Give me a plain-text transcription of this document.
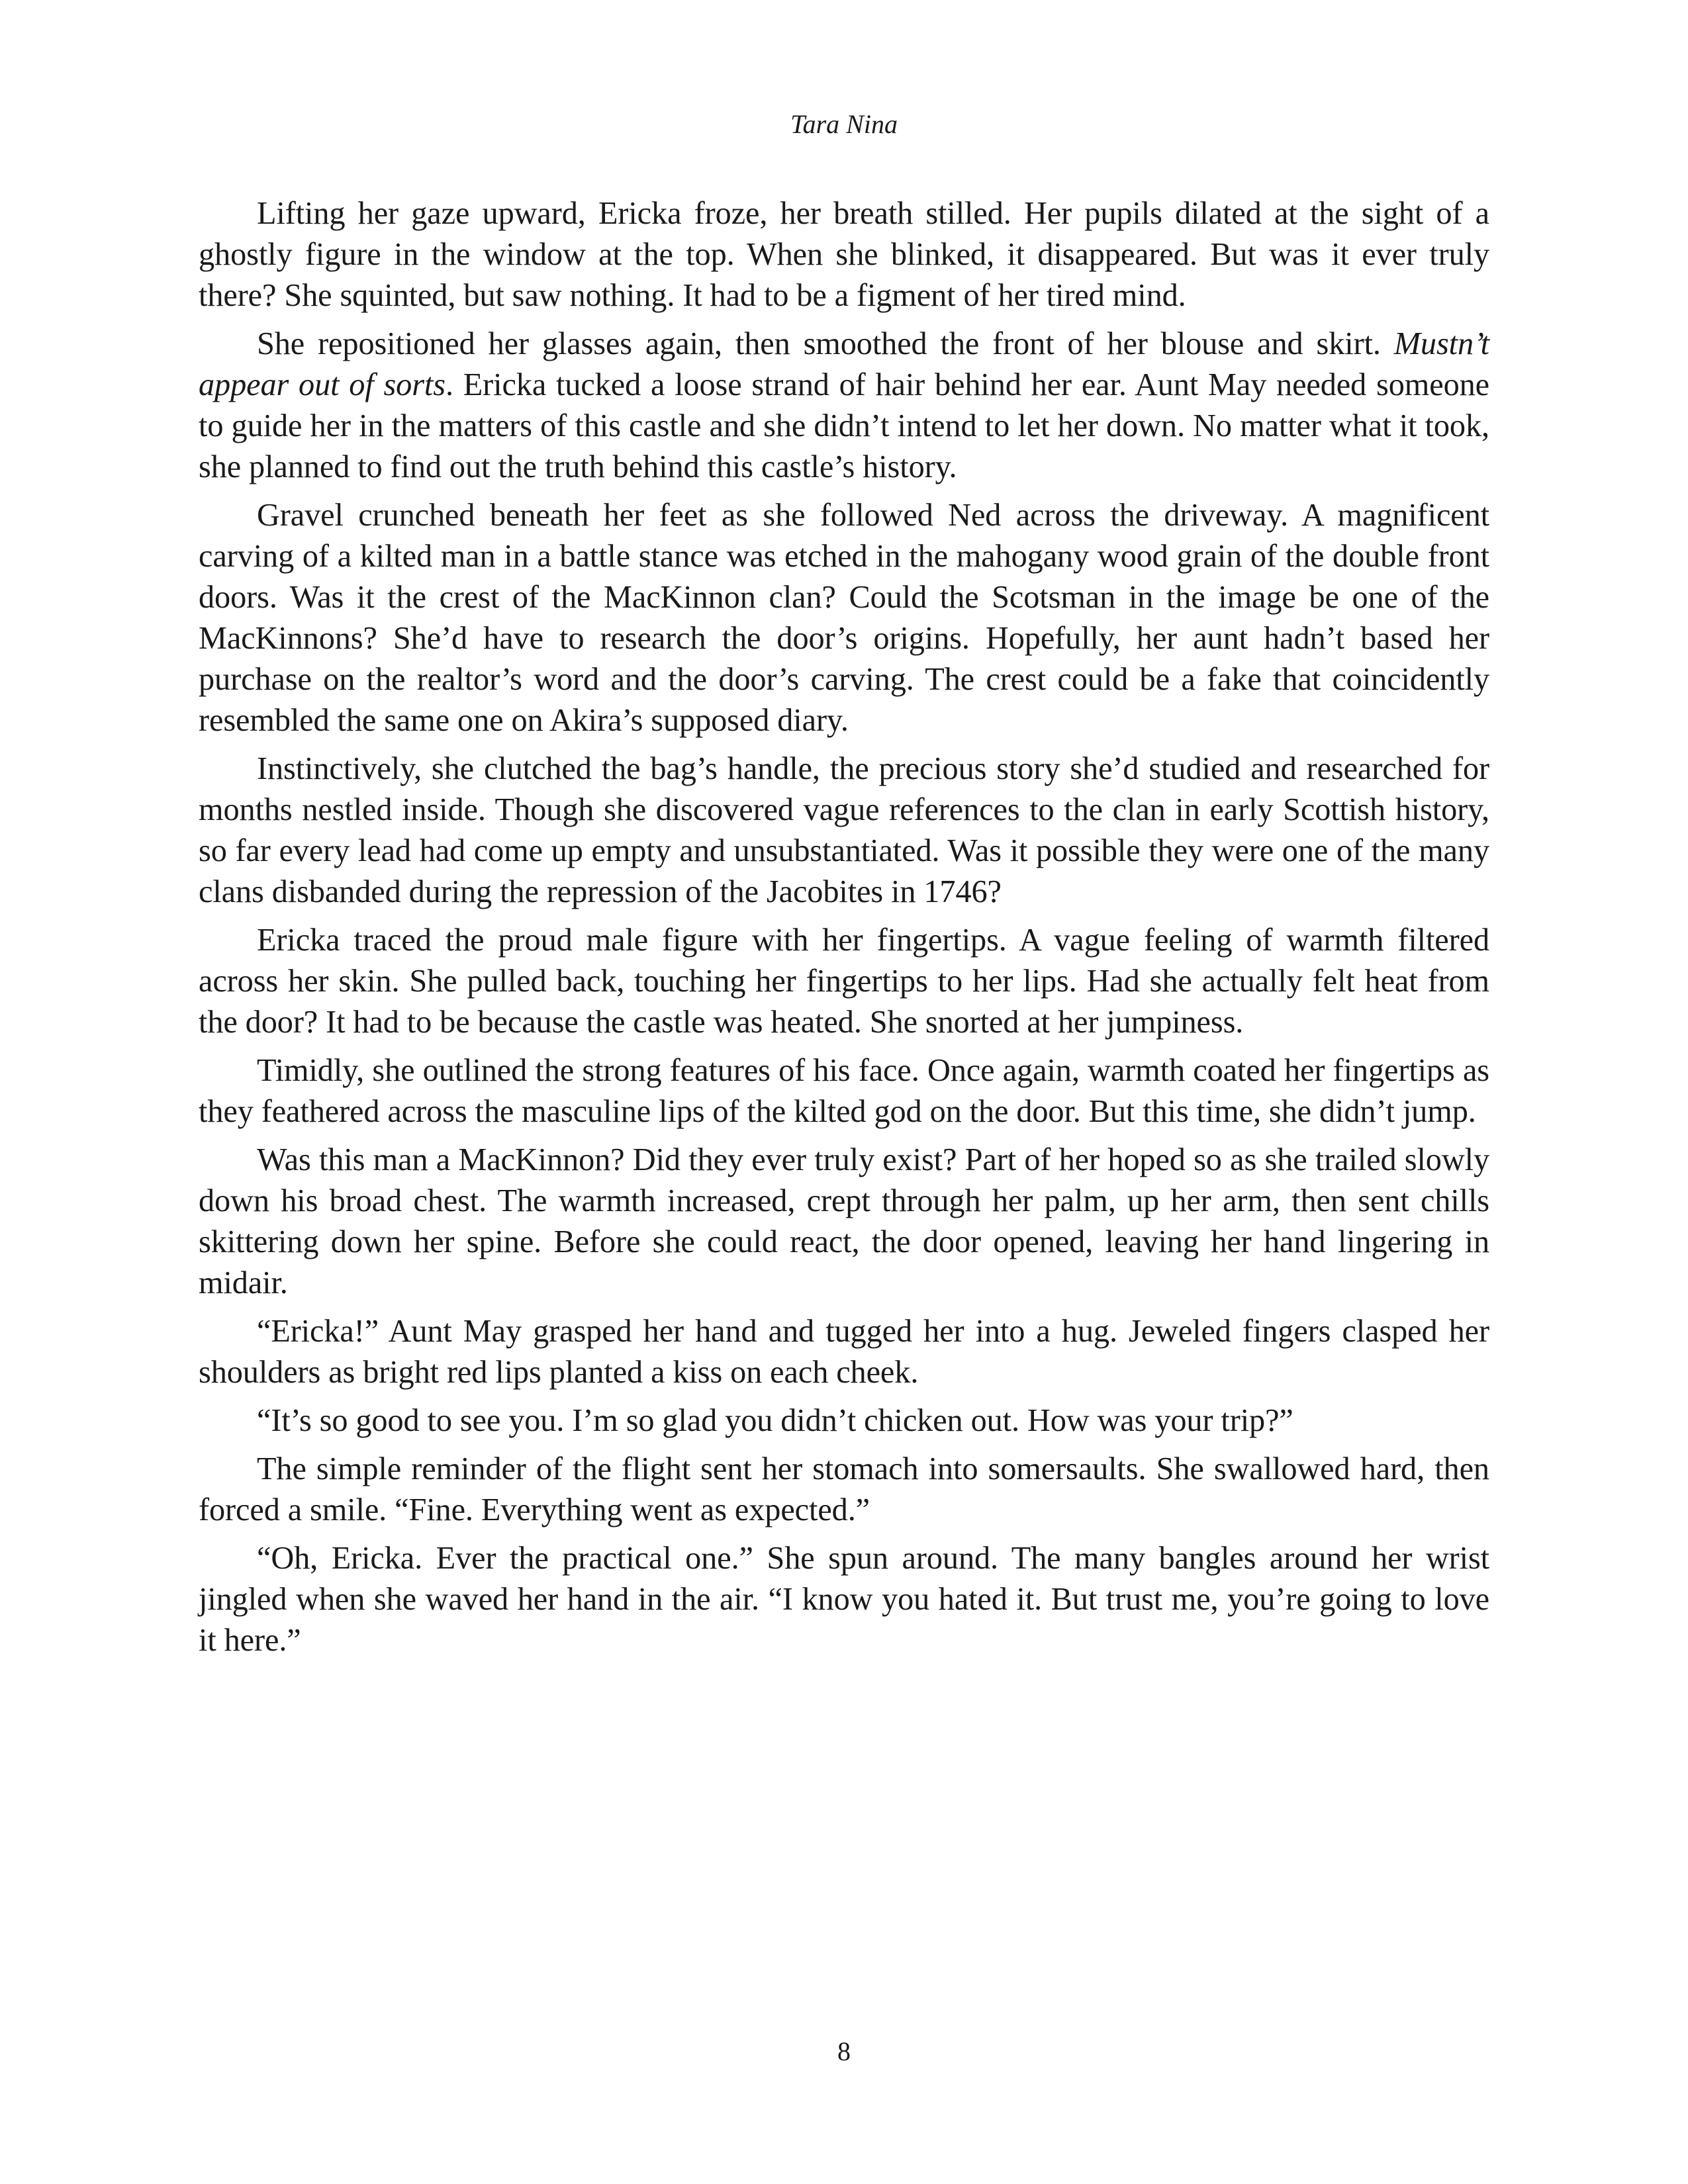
Tara Nina

Lifting her gaze upward, Ericka froze, her breath stilled. Her pupils dilated at the sight of a ghostly figure in the window at the top. When she blinked, it disappeared. But was it ever truly there? She squinted, but saw nothing. It had to be a figment of her tired mind.

She repositioned her glasses again, then smoothed the front of her blouse and skirt. Mustn’t appear out of sorts. Ericka tucked a loose strand of hair behind her ear. Aunt May needed someone to guide her in the matters of this castle and she didn’t intend to let her down. No matter what it took, she planned to find out the truth behind this castle’s history.

Gravel crunched beneath her feet as she followed Ned across the driveway. A magnificent carving of a kilted man in a battle stance was etched in the mahogany wood grain of the double front doors. Was it the crest of the MacKinnon clan? Could the Scotsman in the image be one of the MacKinnons? She’d have to research the door’s origins. Hopefully, her aunt hadn’t based her purchase on the realtor’s word and the door’s carving. The crest could be a fake that coincidently resembled the same one on Akira’s supposed diary.

Instinctively, she clutched the bag’s handle, the precious story she’d studied and researched for months nestled inside. Though she discovered vague references to the clan in early Scottish history, so far every lead had come up empty and unsubstantiated. Was it possible they were one of the many clans disbanded during the repression of the Jacobites in 1746?

Ericka traced the proud male figure with her fingertips. A vague feeling of warmth filtered across her skin. She pulled back, touching her fingertips to her lips. Had she actually felt heat from the door? It had to be because the castle was heated. She snorted at her jumpiness.

Timidly, she outlined the strong features of his face. Once again, warmth coated her fingertips as they feathered across the masculine lips of the kilted god on the door. But this time, she didn’t jump.

Was this man a MacKinnon? Did they ever truly exist? Part of her hoped so as she trailed slowly down his broad chest. The warmth increased, crept through her palm, up her arm, then sent chills skittering down her spine. Before she could react, the door opened, leaving her hand lingering in midair.

“Ericka!” Aunt May grasped her hand and tugged her into a hug. Jeweled fingers clasped her shoulders as bright red lips planted a kiss on each cheek.

“It’s so good to see you. I’m so glad you didn’t chicken out. How was your trip?”

The simple reminder of the flight sent her stomach into somersaults. She swallowed hard, then forced a smile. “Fine. Everything went as expected.”

“Oh, Ericka. Ever the practical one.” She spun around. The many bangles around her wrist jingled when she waved her hand in the air. “I know you hated it. But trust me, you’re going to love it here.”

8
